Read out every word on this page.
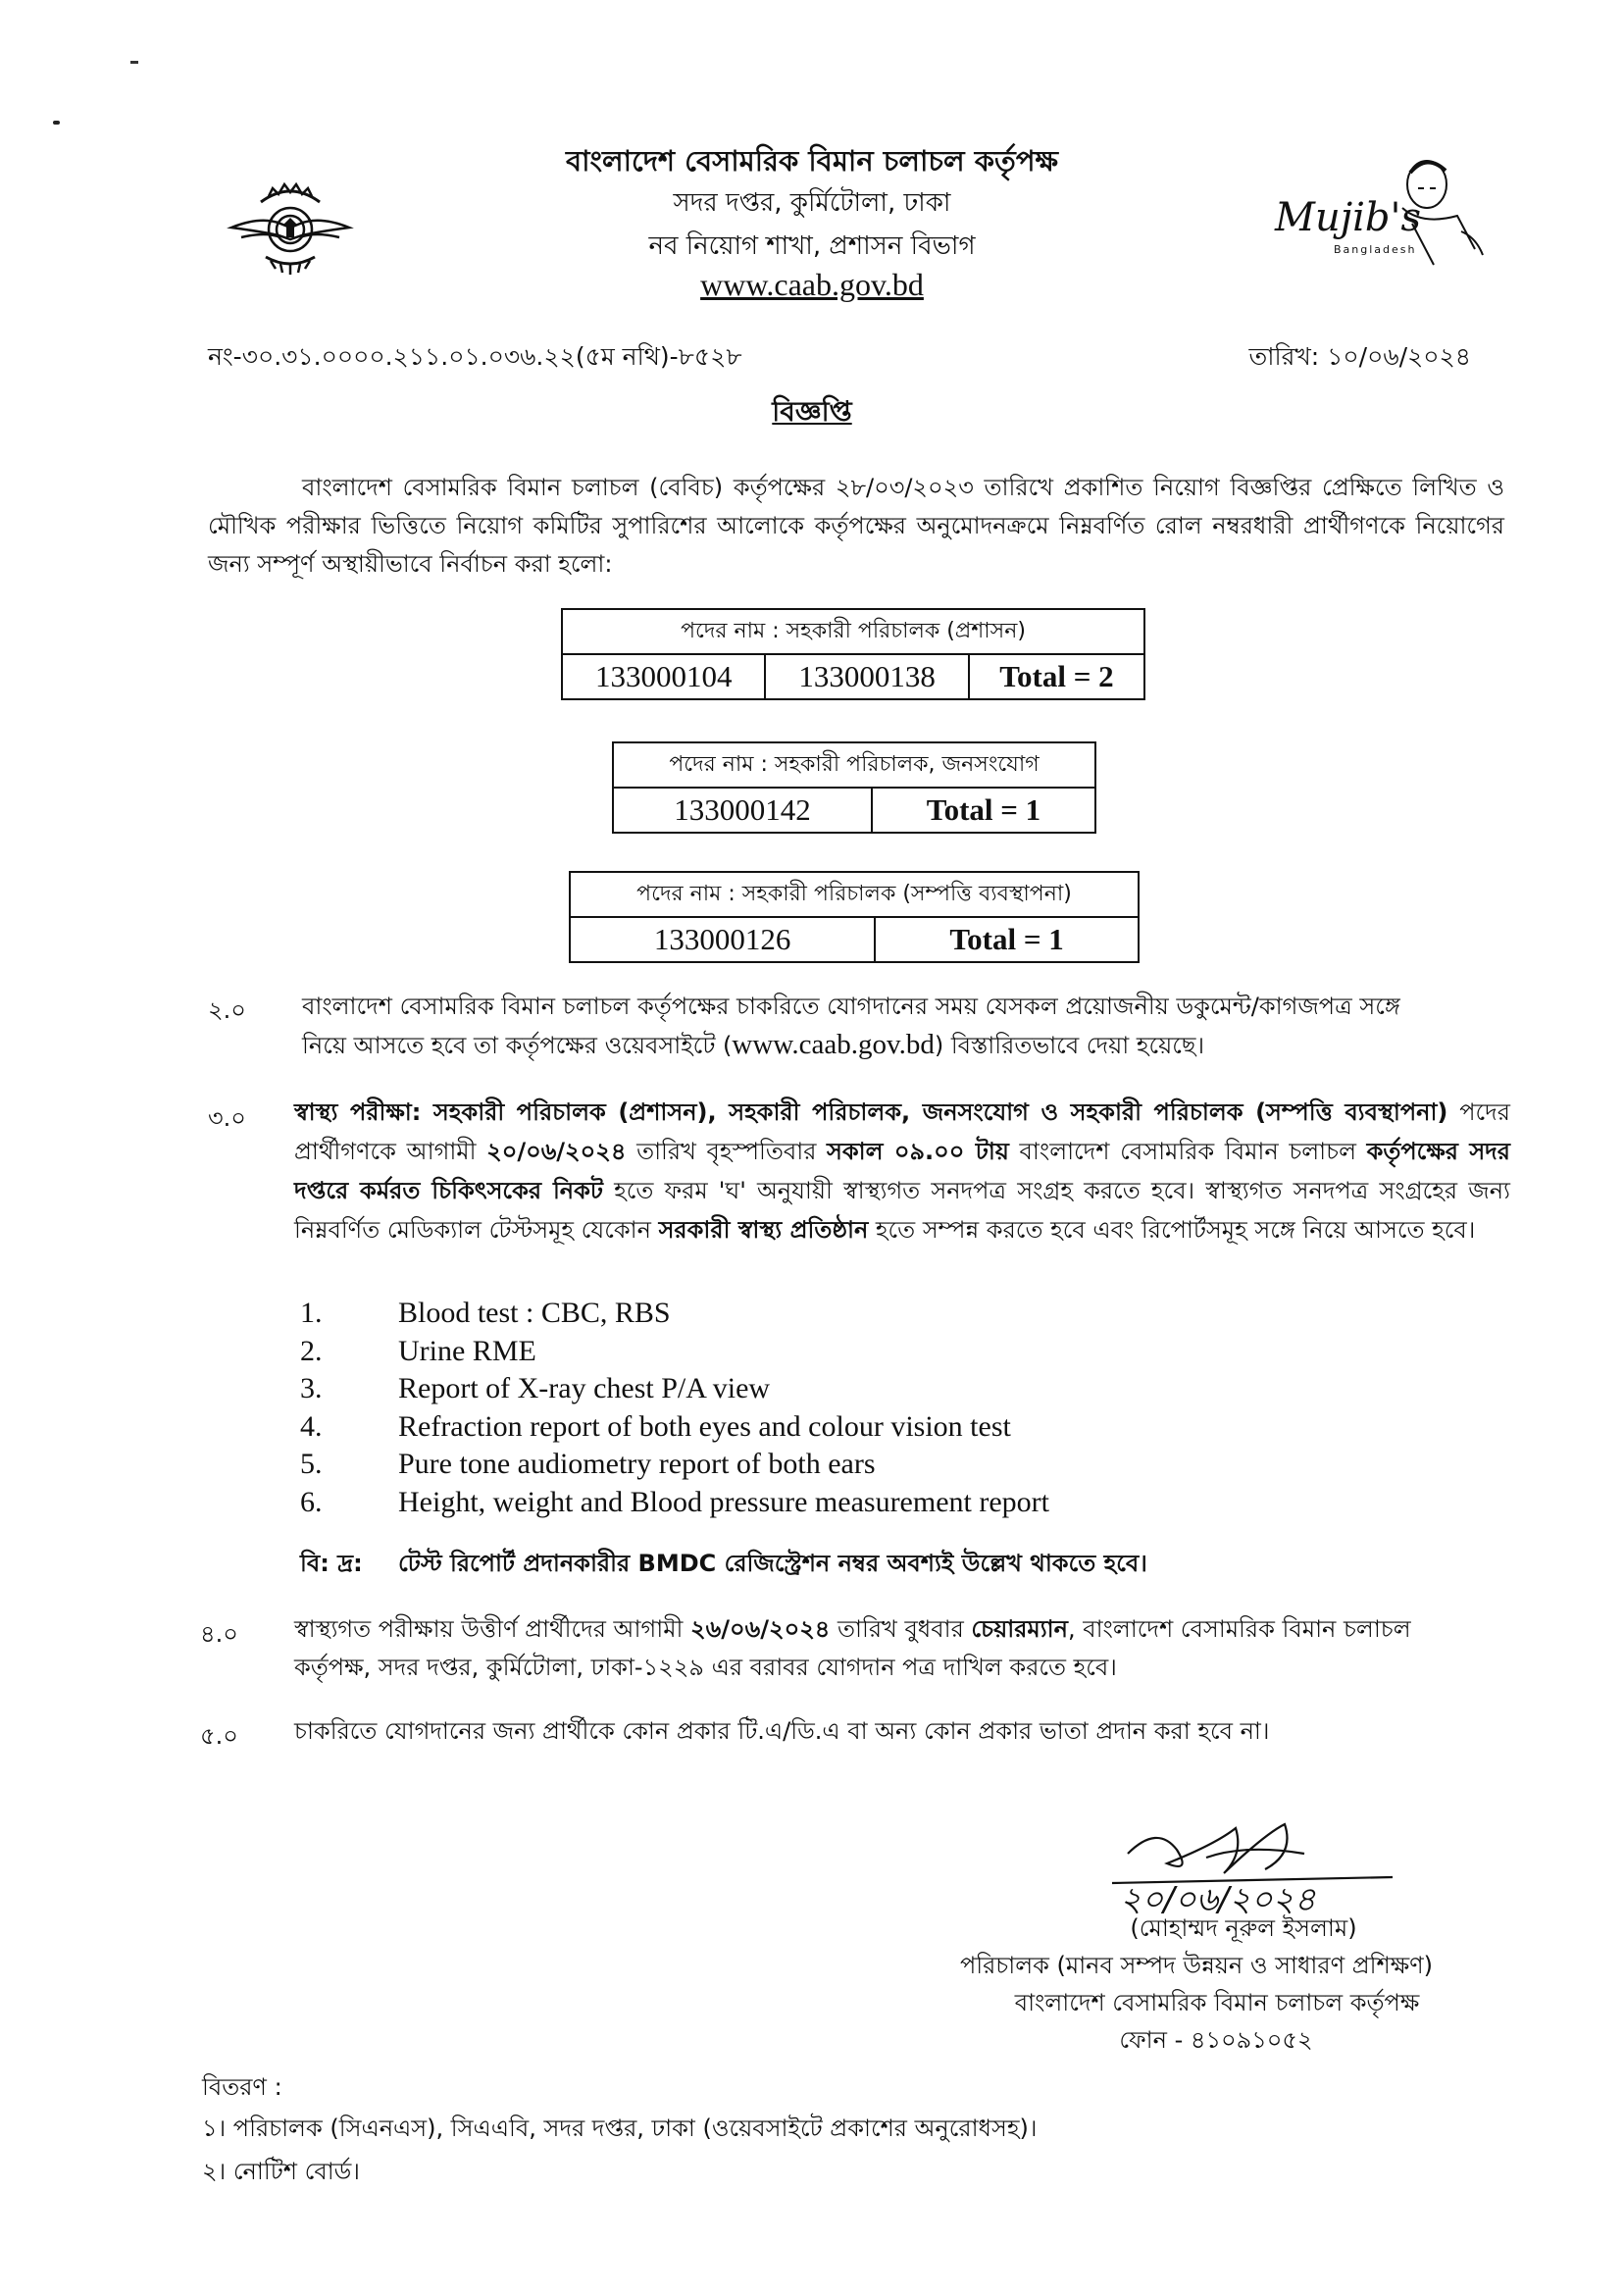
Mujib's
Bangladesh
বাংলাদেশ বেসামরিক বিমান চলাচল কর্তৃপক্ষ
সদর দপ্তর, কুর্মিটোলা, ঢাকা
নব নিয়োগ শাখা, প্রশাসন বিভাগ
www.caab.gov.bd
নং-৩০.৩১.০০০০.২১১.০১.০৩৬.২২(৫ম নথি)-৮৫২৮	তারিখ: ১০/০৬/২০২৪
বিজ্ঞপ্তি
বাংলাদেশ বেসামরিক বিমান চলাচল (বেবিচ) কর্তৃপক্ষের ২৮/০৩/২০২৩ তারিখে প্রকাশিত নিয়োগ বিজ্ঞপ্তির প্রেক্ষিতে লিখিত ও মৌখিক পরীক্ষার ভিত্তিতে নিয়োগ কমিটির সুপারিশের আলোকে কর্তৃপক্ষের অনুমোদনক্রমে নিম্নবর্ণিত রোল নম্বরধারী প্রার্থীগণকে নিয়োগের জন্য সম্পূর্ণ অস্থায়ীভাবে নির্বাচন করা হলো:
পদের নাম : সহকারী পরিচালক (প্রশাসন)
133000104	133000138	Total = 2
পদের নাম : সহকারী পরিচালক, জনসংযোগ
133000142	Total = 1
পদের নাম : সহকারী পরিচালক (সম্পত্তি ব্যবস্থাপনা)
133000126	Total = 1
২.০ বাংলাদেশ বেসামরিক বিমান চলাচল কর্তৃপক্ষের চাকরিতে যোগদানের সময় যেসকল প্রয়োজনীয় ডকুমেন্ট/কাগজপত্র সঙ্গে
নিয়ে আসতে হবে তা কর্তৃপক্ষের ওয়েবসাইটে (www.caab.gov.bd) বিস্তারিতভাবে দেয়া হয়েছে।
৩.০ স্বাস্থ্য পরীক্ষা: সহকারী পরিচালক (প্রশাসন), সহকারী পরিচালক, জনসংযোগ ও সহকারী পরিচালক (সম্পত্তি ব্যবস্থাপনা) পদের প্রার্থীগণকে আগামী ২০/০৬/২০২৪ তারিখ বৃহস্পতিবার সকাল ০৯.০০ টায় বাংলাদেশ বেসামরিক বিমান চলাচল কর্তৃপক্ষের সদর দপ্তরে কর্মরত চিকিৎসকের নিকট হতে ফরম 'ঘ' অনুযায়ী স্বাস্থ্যগত সনদপত্র সংগ্রহ করতে হবে। স্বাস্থ্যগত সনদপত্র সংগ্রহের জন্য নিম্নবর্ণিত মেডিক্যাল টেস্টসমূহ যেকোন সরকারী স্বাস্থ্য প্রতিষ্ঠান হতে সম্পন্ন করতে হবে এবং রিপোর্টসমূহ সঙ্গে নিয়ে আসতে হবে।
1.	Blood test : CBC, RBS
2.	Urine RME
3.	Report of X-ray chest P/A view
4.	Refraction report of both eyes and colour vision test
5.	Pure tone audiometry report of both ears
6.	Height, weight and Blood pressure measurement report
বি: দ্র: টেস্ট রিপোর্ট প্রদানকারীর BMDC রেজিস্ট্রেশন নম্বর অবশ্যই উল্লেখ থাকতে হবে।
৪.০ স্বাস্থ্যগত পরীক্ষায় উত্তীর্ণ প্রার্থীদের আগামী ২৬/০৬/২০২৪ তারিখ বুধবার চেয়ারম্যান, বাংলাদেশ বেসামরিক বিমান চলাচল
কর্তৃপক্ষ, সদর দপ্তর, কুর্মিটোলা, ঢাকা-১২২৯ এর বরাবর যোগদান পত্র দাখিল করতে হবে।
৫.০ চাকরিতে যোগদানের জন্য প্রার্থীকে কোন প্রকার টি.এ/ডি.এ বা অন্য কোন প্রকার ভাতা প্রদান করা হবে না।
২০/০৬/২০২৪
(মোহাম্মদ নূরুল ইসলাম)
পরিচালক (মানব সম্পদ উন্নয়ন ও সাধারণ প্রশিক্ষণ)
বাংলাদেশ বেসামরিক বিমান চলাচল কর্তৃপক্ষ
ফোন - ৪১০৯১০৫২
বিতরণ :
১। পরিচালক (সিএনএস), সিএএবি, সদর দপ্তর, ঢাকা (ওয়েবসাইটে প্রকাশের অনুরোধসহ)।
২। নোটিশ বোর্ড।
